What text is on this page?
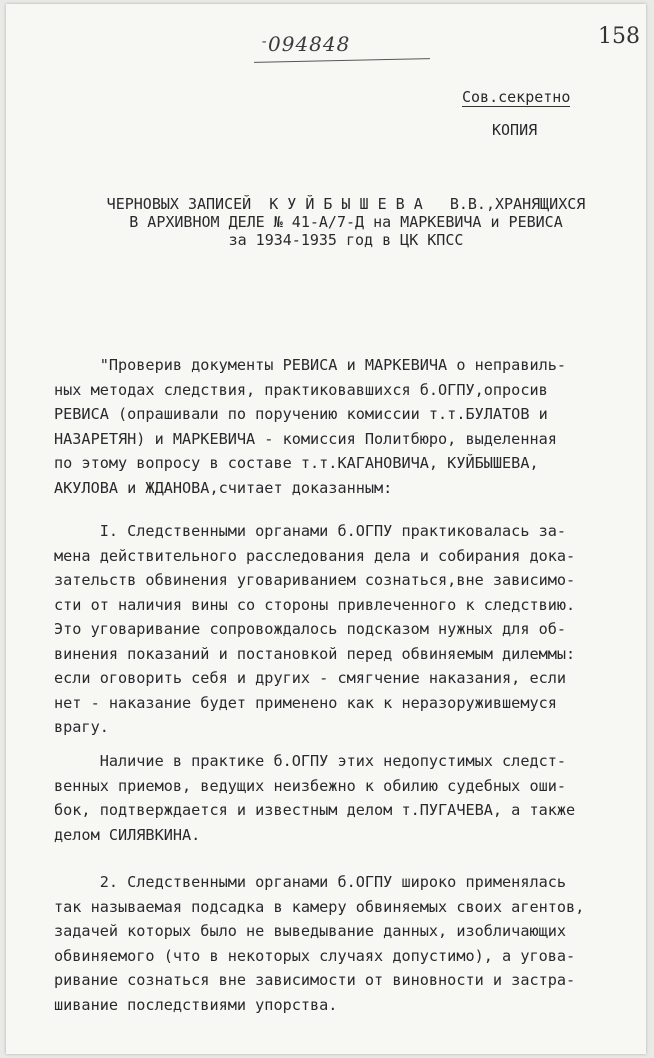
- 094848	158
Сов.секретно
КОПИЯ
ЧЕРНОВЫХ ЗАПИСЕЙ  К У Й Б Ы Ш Е В А   В.В.,ХРАНЯЩИХСЯ
В АРХИВНОМ ДЕЛЕ № 41-А/7-Д на МАРКЕВИЧА и РЕВИСА
за 1934-1935 год в ЦК КПСС

"Проверив документы РЕВИСА и МАРКЕВИЧА о неправиль-

ных методах следствия, практиковавшихся б.ОГПУ,опросив

РЕВИСА (опрашивали по поручению комиссии т.т.БУЛАТОВ и

НАЗАРЕТЯН) и МАРКЕВИЧА - комиссия Политбюро, выделенная

по этому вопросу в составе т.т.КАГАНОВИЧА, КУЙБЫШЕВА,

АКУЛОВА и ЖДАНОВА,считает доказанным:

I. Следственными органами б.ОГПУ практиковалась за-

мена действительного расследования дела и собирания дока-

зательств обвинения уговариванием сознаться,вне зависимо-

сти от наличия вины со стороны привлеченного к следствию.

Это уговаривание сопровождалось подсказом нужных для об-

винения показаний и постановкой перед обвиняемым дилеммы:

если оговорить себя и других - смягчение наказания, если

нет - наказание будет применено как к неразоружившемуся

врагу.

Наличие в практике б.ОГПУ этих недопустимых следст-

венных приемов, ведущих неизбежно к обилию судебных оши-

бок, подтверждается и известным делом т.ПУГАЧЕВА, а также

делом СИЛЯВКИНА.

2. Следственными органами б.ОГПУ широко применялась

так называемая подсадка в камеру обвиняемых своих агентов,

задачей которых было не выведывание данных, изобличающих

обвиняемого (что в некоторых случаях допустимо), а угова-

ривание сознаться вне зависимости от виновности и застра-

шивание последствиями упорства.
